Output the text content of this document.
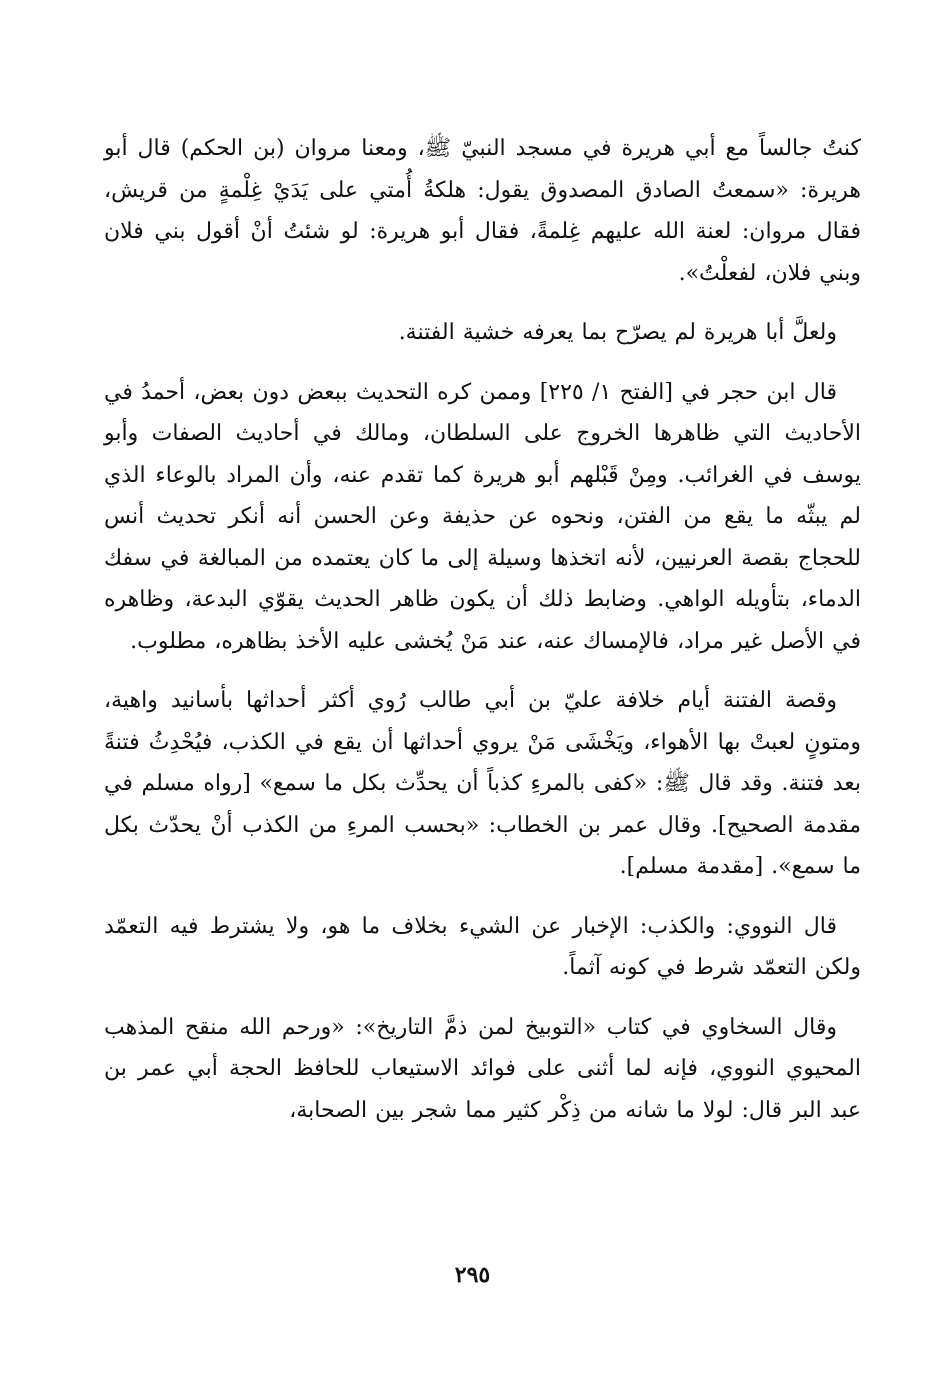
كنتُ جالساً مع أبي هريرة في مسجد النبيّ ﷺ، ومعنا مروان (بن الحكم) قال أبو هريرة: «سمعتُ الصادق المصدوق يقول: هلكةُ أُمتي على يَدَيْ غِلْمةٍ من قريش، فقال مروان: لعنة الله عليهم غِلمةً، فقال أبو هريرة: لو شئتُ أنْ أقول بني فلان وبني فلان، لفعلْتُ».

ولعلَّ أبا هريرة لم يصرّح بما يعرفه خشية الفتنة.

قال ابن حجر في [الفتح ١/ ٢٢٥] وممن كره التحديث ببعض دون بعض، أحمدُ في الأحاديث التي ظاهرها الخروج على السلطان، ومالك في أحاديث الصفات وأبو يوسف في الغرائب. ومِنْ قَبْلهم أبو هريرة كما تقدم عنه، وأن المراد بالوعاء الذي لم يبثّه ما يقع من الفتن، ونحوه عن حذيفة وعن الحسن أنه أنكر تحديث أنس للحجاج بقصة العرنيين، لأنه اتخذها وسيلة إلى ما كان يعتمده من المبالغة في سفك الدماء، بتأويله الواهي. وضابط ذلك أن يكون ظاهر الحديث يقوّي البدعة، وظاهره في الأصل غير مراد، فالإمساك عنه، عند مَنْ يُخشى عليه الأخذ بظاهره، مطلوب.

وقصة الفتنة أيام خلافة عليّ بن أبي طالب رُوي أكثر أحداثها بأسانيد واهية، ومتونٍ لعبتْ بها الأهواء، ويَخْشَى مَنْ يروي أحداثها أن يقع في الكذب، فيُحْدِثُ فتنةً بعد فتنة. وقد قال ﷺ: «كفى بالمرءِ كذباً أن يحدِّث بكل ما سمع» [رواه مسلم في مقدمة الصحيح]. وقال عمر بن الخطاب: «بحسب المرءِ من الكذب أنْ يحدّث بكل ما سمع». [مقدمة مسلم].

قال النووي: والكذب: الإخبار عن الشيء بخلاف ما هو، ولا يشترط فيه التعمّد ولكن التعمّد شرط في كونه آثماً.

وقال السخاوي في كتاب «التوبيخ لمن ذمَّ التاريخ»: «ورحم الله منقح المذهب المحيوي النووي، فإنه لما أثنى على فوائد الاستيعاب للحافظ الحجة أبي عمر بن عبد البر قال: لولا ما شانه من ذِكْر كثير مما شجر بين الصحابة،

٢٩٥
